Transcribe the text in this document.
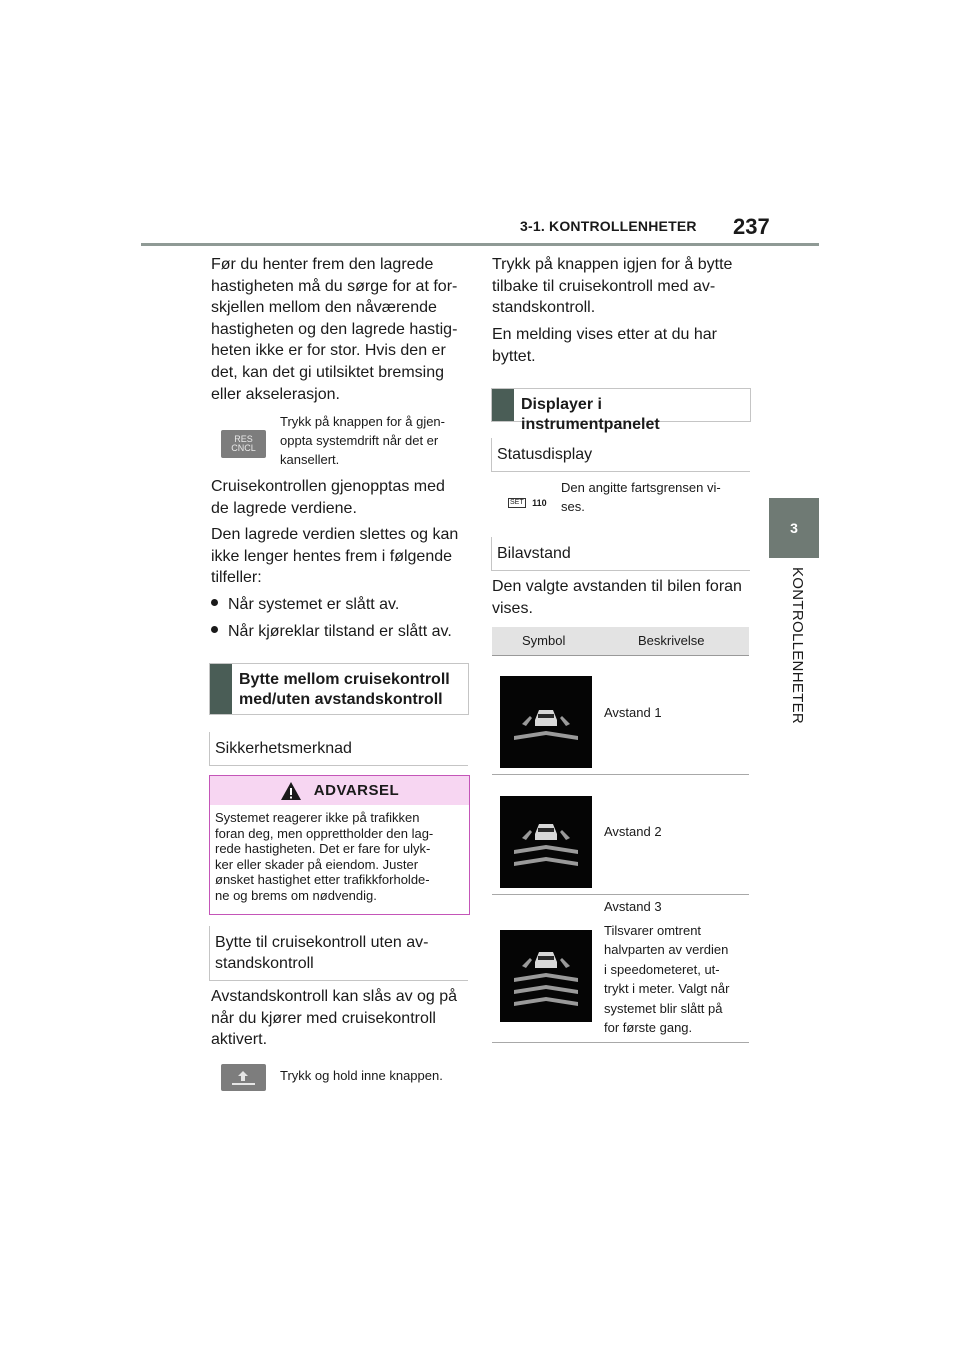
3-1. KONTROLLENHETER 237
3
KONTROLLENHETER
Før du henter frem den lagrede
hastigheten må du sørge for at for-
skjellen mellom den nåværende
hastigheten og den lagrede hastig-
heten ikke er for stor. Hvis den er
det, kan det gi utilsiktet bremsing
eller akselerasjon.
RES
CNCL
Trykk på knappen for å gjen-
oppta systemdrift når det er
kansellert.
Cruisekontrollen gjenopptas med
de lagrede verdiene.
Den lagrede verdien slettes og kan
ikke lenger hentes frem i følgende
tilfeller:
Når systemet er slått av.
Når kjøreklar tilstand er slått av.
Bytte mellom cruisekontroll
med/uten avstandskontroll
Sikkerhetsmerknad
ADVARSEL
Systemet reagerer ikke på trafikken
foran deg, men opprettholder den lag-
rede hastigheten. Det er fare for ulyk-
ker eller skader på eiendom. Juster
ønsket hastighet etter trafikkforholde-
ne og brems om nødvendig.
Bytte til cruisekontroll uten av-
standskontroll
Avstandskontroll kan slås av og på
når du kjører med cruisekontroll
aktivert.
Trykk og hold inne knappen.
Trykk på knappen igjen for å bytte
tilbake til cruisekontroll med av-
standskontroll.
En melding vises etter at du har
byttet.
Displayer i instrumentpanelet
Statusdisplay
SET 110
Den angitte fartsgrensen vi-
ses.
Bilavstand
Den valgte avstanden til bilen foran
vises.
Symbol	Beskrivelse
Avstand 1
Avstand 2
Avstand 3
Tilsvarer omtrent
halvparten av verdien
i speedometeret, ut-
trykt i meter. Valgt når
systemet blir slått på
for første gang.
